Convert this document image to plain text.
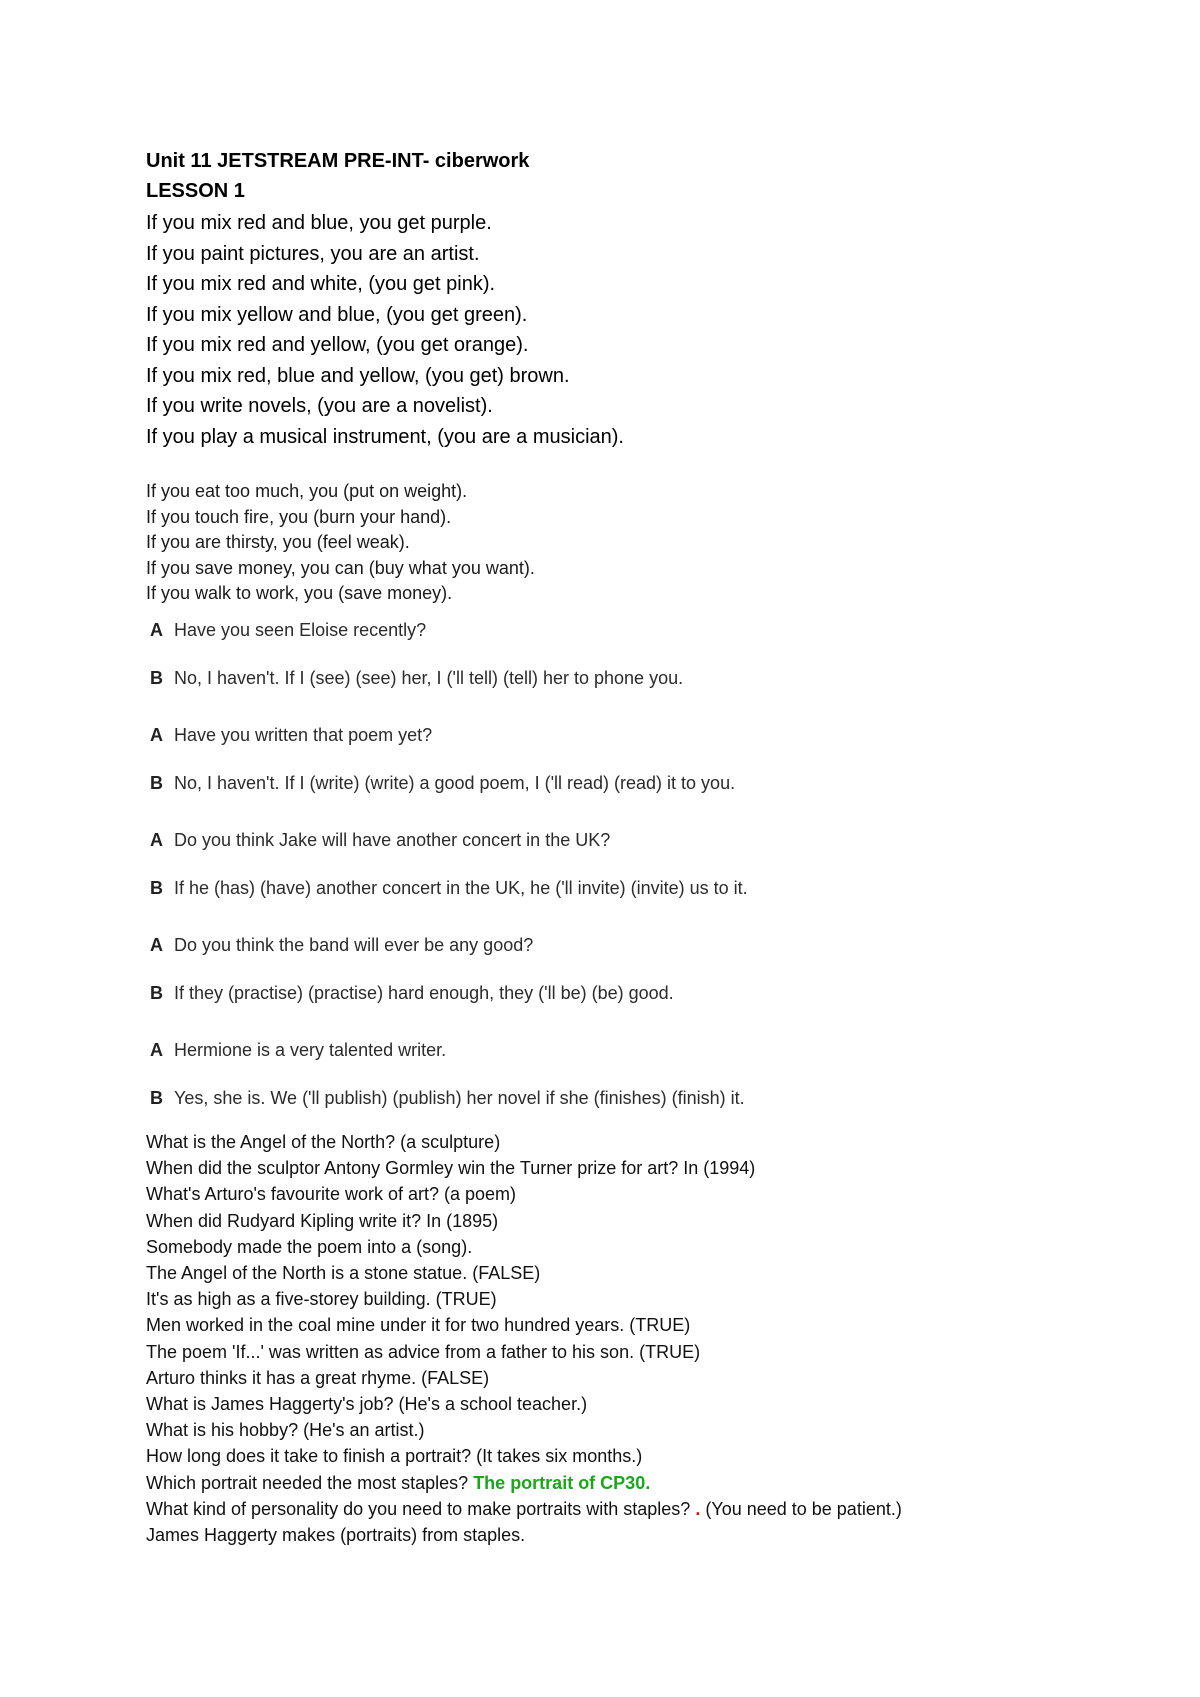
Unit 11 JETSTREAM PRE-INT- ciberwork
LESSON 1
If you mix red and blue, you get purple.
If you paint pictures, you are an artist.
If you mix red and white, (you get pink).
If you mix yellow and blue, (you get green).
If you mix red and yellow, (you get orange).
If you mix red, blue and yellow, (you get) brown.
If you write novels, (you are a novelist).
If you play a musical instrument, (you are a musician).
If you eat too much, you (put on weight).
If you touch fire, you (burn your hand).
If you are thirsty, you (feel weak).
If you save money, you can (buy what you want).
If you walk to work, you (save money).
A Have you seen Eloise recently?
B No, I haven't. If I (see) (see) her, I ('ll tell) (tell) her to phone you.
A Have you written that poem yet?
B No, I haven't. If I (write) (write) a good poem, I ('ll read) (read) it to you.
A Do you think Jake will have another concert in the UK?
B If he (has) (have) another concert in the UK, he ('ll invite) (invite) us to it.
A Do you think the band will ever be any good?
B If they (practise) (practise) hard enough, they ('ll be) (be) good.
A Hermione is a very talented writer.
B Yes, she is. We ('ll publish) (publish) her novel if she (finishes) (finish) it.
What is the Angel of the North? (a sculpture)
When did the sculptor Antony Gormley win the Turner prize for art? In (1994)
What's Arturo's favourite work of art? (a poem)
When did Rudyard Kipling write it? In (1895)
Somebody made the poem into a (song).
The Angel of the North is a stone statue. (FALSE)
It's as high as a five-storey building. (TRUE)
Men worked in the coal mine under it for two hundred years. (TRUE)
The poem 'If...' was written as advice from a father to his son. (TRUE)
Arturo thinks it has a great rhyme. (FALSE)
What is James Haggerty's job? (He's a school teacher.)
What is his hobby? (He's an artist.)
How long does it take to finish a portrait? (It takes six months.)
Which portrait needed the most staples? The portrait of CP30.
What kind of personality do you need to make portraits with staples? . (You need to be patient.)
James Haggerty makes (portraits) from staples.
